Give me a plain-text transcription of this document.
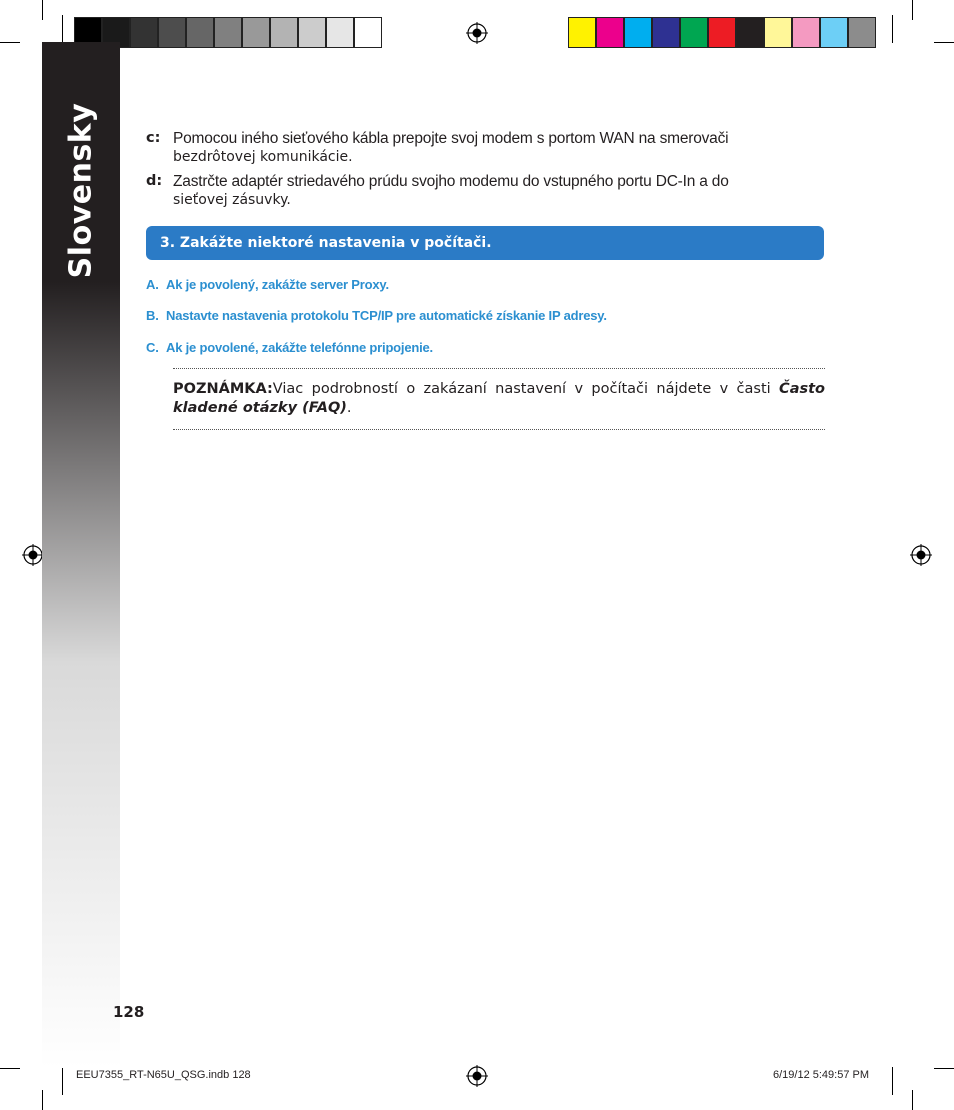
Slovensky	c: Pomocou iného sieťového kábla prepojte svoj modem s portom WAN na smerovači
bezdrôtovej komunikácie.
d: Zastrčte adaptér striedavého prúdu svojho modemu do vstupného portu DC-In a do
sieťovej zásuvky.
3. Zakážte niektoré nastavenia v počítači.
A. Ak je povolený, zakážte server Proxy.
B. Nastavte nastavenia protokolu TCP/IP pre automatické získanie IP adresy.
C. Ak je povolené, zakážte telefónne pripojenie.
POZNÁMKA:Viac podrobností o zakázaní nastavení v počítači nájdete v časti Často kladené otázky (FAQ).
128
EEU7355_RT-N65U_QSG.indb 128	6/19/12 5:49:57 PM
